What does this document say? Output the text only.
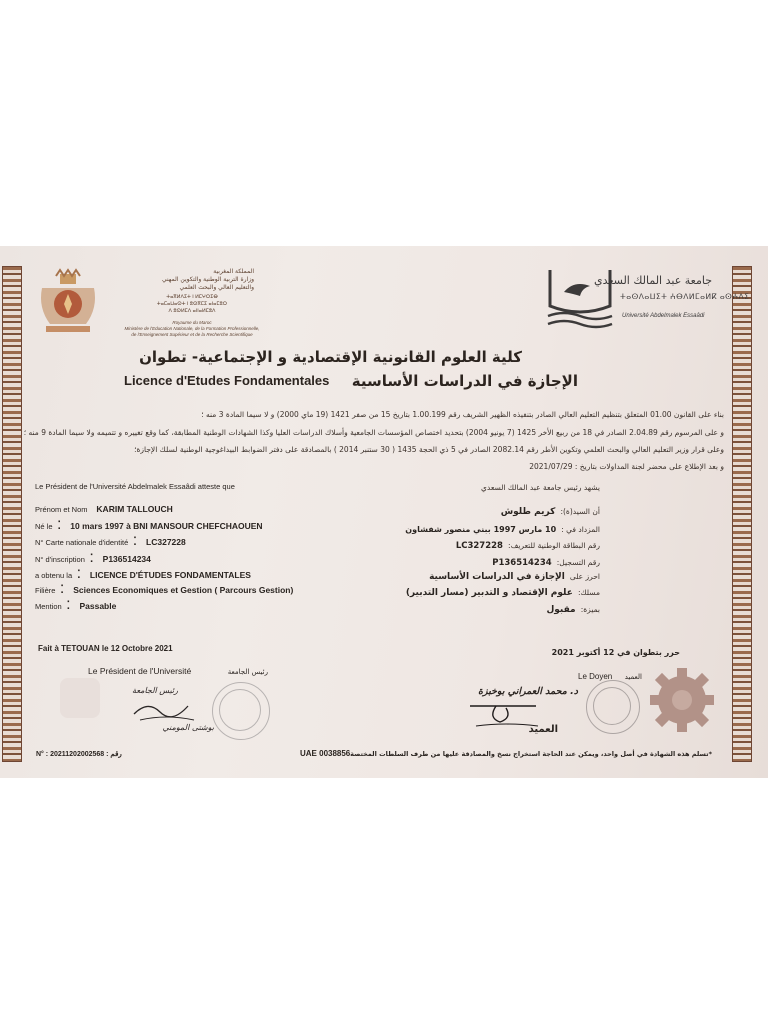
المملكة المغربية
وزارة التربية الوطنية والتكوين المهني
والتعليم العالي والبحث العلمي
ⵜⴰⴳⵍⴷⵉⵜ ⵏ ⵍⵎⵖⵔⵉⴱ
ⵜⴰⵎⴰⵡⴰⵙⵜ ⵏ ⵓⵙⴳⵎⵉ ⴰⵏⴰⵎⵓⵔ
ⴷ ⵓⵙⵍⵎⴷ ⴰⵏⵏⴰⵍⵎⵓⴷ
Royaume du Maroc
Ministère de l'Education Nationale, de la Formation Professionnelle,
de l'Enseignement Supérieur et de la Recherche Scientifique
جامعة عبد المالك السعدي
ⵜⴰⵙⴷⴰⵡⵉⵜ ⵄⴱⴷⵍⵎⴰⵍⴽ ⴰⵙⵄⴷⵉ
Université Abdelmalek Essaâdi
كلية العلوم القانونية الإقتصادية و الإجتماعية- تطوان
الإجازة في الدراسات الأساسية
Licence d'Etudes Fondamentales
بناء على القانون 01.00 المتعلق بتنظيم التعليم العالي الصادر بتنفيذه الظهير الشريف رقم 1.00.199 بتاريخ 15 من صفر 1421 (19 ماي 2000) و لا سيما المادة 3 منه ؛
و على المرسوم رقم 2.04.89 الصادر في 18 من ربيع الأخر 1425 (7 يونيو 2004) بتحديد اختصاص المؤسسات الجامعية وأسلاك الدراسات العليا وكذا الشهادات الوطنية المطابقة، كما وقع تغييره و تتميمه ولا سيما المادة 9 منه ؛
وعلى قرار وزير التعليم العالي والبحث العلمي وتكوين الأطر رقم 2082.14 الصادر في 5 ذي الحجة 1435 ( 30 ستنبر 2014 ) بالمصادقة على دفتر الضوابط البيداغوجية الوطنية لسلك الإجازة؛
و بعد الإطلاع على محضر لجنة المداولات بتاريخ : 2021/07/29
Le Président de l'Université Abdelmalek Essaâdi atteste que	يشهد رئيس جامعة عبد المالك السعدي
Prénom et Nom KARIM TALLOUCH
Né le :  10 mars 1997 à BNI MANSOUR CHEFCHAOUEN
N° Carte nationale d'identité :  LC327228
N° d'inscription :  P136514234
a obtenu la :  LICENCE D'ÉTUDES FONDAMENTALES
Filière :  Sciences Economiques et Gestion ( Parcours Gestion)
Mention :  Passable
أن السيد(ة): كريم طلوش
المزداد في : 10 مارس 1997 ببني منصور شفشاون
رقم البطاقة الوطنية للتعريف: LC327228
رقم التسجيل: P136514234
احرز على الإجازة في الدراسات الأساسية
مسلك: علوم الإقتصاد و التدبير (مسار التدبير)
بميزة: مقبول
Fait à TETOUAN le 12 Octobre 2021	حرر بتطوان في 12 أكتوبر 2021
Le Président de l'Université	رئيس الجامعة
رئيس الجامعة
بوشتى المومني
Le Doyen العميد
د. محمد العمراني بوخبزة
العميد
N° : 20211202002568 : رقم	UAE 0038856 *تسلم هذه الشهادة في أصل واحد، ويمكن عند الحاجة استخراج نسخ والمصادقة عليها من طرف السلطات المختصة
